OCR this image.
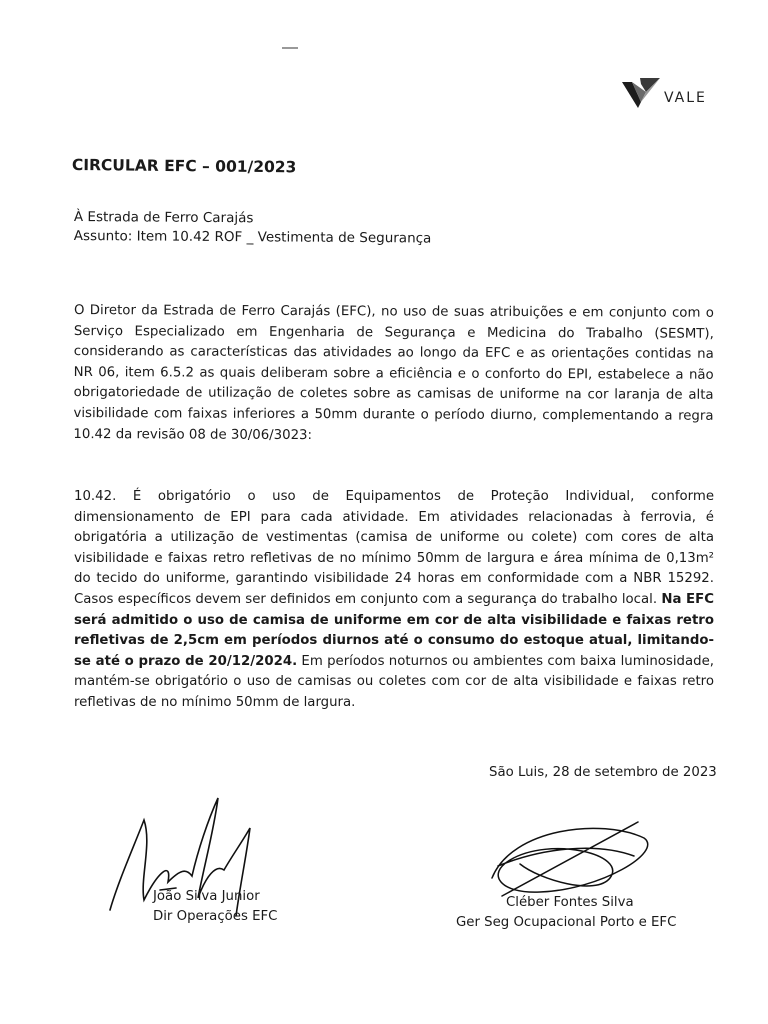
VALE
CIRCULAR EFC – 001/2023
À Estrada de Ferro Carajás
Assunto: Item 10.42 ROF _ Vestimenta de Segurança
O Diretor da Estrada de Ferro Carajás (EFC), no uso de suas atribuições e em conjunto com o Serviço Especializado em Engenharia de Segurança e Medicina do Trabalho (SESMT), considerando as características das atividades ao longo da EFC e as orientações contidas na NR 06, item 6.5.2 as quais deliberam sobre a eficiência e o conforto do EPI, estabelece a não obrigatoriedade de utilização de coletes sobre as camisas de uniforme na cor laranja de alta visibilidade com faixas inferiores a 50mm durante o período diurno, complementando a regra 10.42 da revisão 08 de 30/06/3023:
10.42. É obrigatório o uso de Equipamentos de Proteção Individual, conforme dimensionamento de EPI para cada atividade. Em atividades relacionadas à ferrovia, é obrigatória a utilização de vestimentas (camisa de uniforme ou colete) com cores de alta visibilidade e faixas retro refletivas de no mínimo 50mm de largura e área mínima de 0,13m² do tecido do uniforme, garantindo visibilidade 24 horas em conformidade com a NBR 15292. Casos específicos devem ser definidos em conjunto com a segurança do trabalho local. Na EFC será admitido o uso de camisa de uniforme em cor de alta visibilidade e faixas retro refletivas de 2,5cm em períodos diurnos até o consumo do estoque atual, limitando-se até o prazo de 20/12/2024. Em períodos noturnos ou ambientes com baixa luminosidade, mantém-se obrigatório o uso de camisas ou coletes com cor de alta visibilidade e faixas retro refletivas de no mínimo 50mm de largura.
São Luis, 28 de setembro de 2023
João Silva Junior
Dir Operações EFC
Cléber Fontes Silva
Ger Seg Ocupacional Porto e EFC
